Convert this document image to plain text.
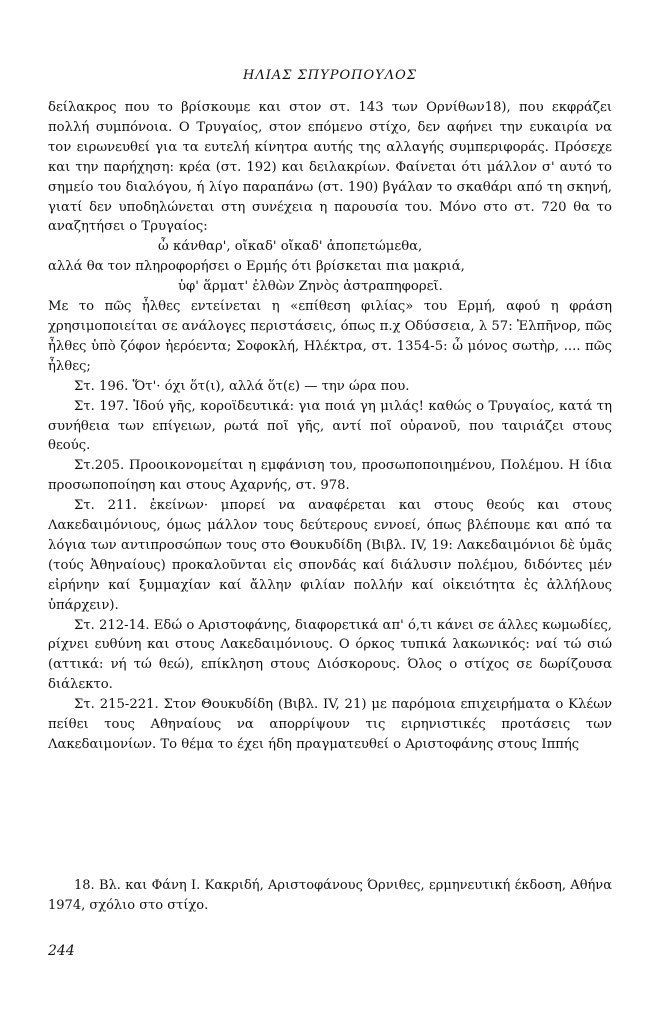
ΗΛΙΑΣ ΣΠΥΡΟΠΟΥΛΟΣ

δείλακρος που το βρίσκουμε και στον στ. 143 των Ορνίθων18), που εκφράζει πολλή συμπόνοια. Ο Τρυγαίος, στον επόμενο στίχο, δεν αφήνει την ευκαιρία να τον ειρωνευθεί για τα ευτελή κίνητρα αυτής της αλλαγής συμπεριφοράς. Πρόσεχε και την παρήχηση: κρέα (στ. 192) και δειλακρίων. Φαίνεται ότι μάλλον σ' αυτό το σημείο του διαλόγου, ή λίγο παραπάνω (στ. 190) βγάλαν το σκαθάρι από τη σκηνή, γιατί δεν υποδηλώνεται στη συνέχεια η παρουσία του. Μόνο στο στ. 720 θα το αναζητήσει ο Τρυγαίος:

ὦ κάνθαρ', οἴκαδ' οἴκαδ' ἀποπετώμεθα,

αλλά θα τον πληροφορήσει ο Ερμής ότι βρίσκεται πια μακριά,

ὑφ' ἅρματ' ἐλθὼν Ζηνὸς ἀστραπηφορεῖ.

Με το πῶς ἦλθες εντείνεται η «επίθεση φιλίας» του Ερμή, αφού η φράση χρησιμοποιείται σε ανάλογες περιστάσεις, όπως π.χ Οδύσσεια, λ 57: Ἐλπῆνορ, πῶς ἦλθες ὑπὸ ζόφον ἠερόεντα; Σοφοκλή, Ηλέκτρα, στ. 1354-5: ὦ μόνος σωτὴρ, .... πῶς ἦλθες;

Στ. 196. Ὅτ'· όχι ὅτ(ι), αλλά ὅτ(ε) — την ώρα που.

Στ. 197. Ἰδού γῆς, κοροϊδευτικά: για ποιά γη μιλάς! καθώς ο Τρυγαίος, κατά τη συνήθεια των επίγειων, ρωτά ποῖ γῆς, αντί ποῖ οὐρανοῦ, που ταιριάζει στους θεούς.

Στ.205. Προοικονομείται η εμφάνιση του, προσωποποιημένου, Πολέμου. Η ίδια προσωποποίηση και στους Αχαρνής, στ. 978.

Στ. 211. ἐκείνων· μπορεί να αναφέρεται και στους θεούς και στους Λακεδαιμόνιους, όμως μάλλον τους δεύτερους εννοεί, όπως βλέπουμε και από τα λόγια των αντιπροσώπων τους στο Θουκυδίδη (Βιβλ. IV, 19: Λακεδαιμόνιοι δὲ ὑμᾶς (τούς Ἀθηναίους) προκαλοῦνται εἰς σπονδάς καί διάλυσιν πολέμου, διδόντες μέν εἰρήνην καί ξυμμαχίαν καί ἄλλην φιλίαν πολλήν καί οἰκειότητα ἐς ἀλλήλους ὑπάρχειν).

Στ. 212-14. Εδώ ο Αριστοφάνης, διαφορετικά απ' ό,τι κάνει σε άλλες κωμωδίες, ρίχνει ευθύνη και στους Λακεδαιμόνιους. Ο όρκος τυπικά λακωνικός: ναί τώ σιώ (αττικά: νή τώ θεώ), επίκληση στους Διόσκορους. Όλος ο στίχος σε δωρίζουσα διάλεκτο.

Στ. 215-221. Στον Θουκυδίδη (Βιβλ. IV, 21) με παρόμοια επιχειρήματα ο Κλέων πείθει τους Αθηναίους να απορρίψουν τις ειρηνιστικές προτάσεις των Λακεδαιμονίων. Το θέμα το έχει ήδη πραγματευθεί ο Αριστοφάνης στους Ιππής

18. Βλ. και Φάνη Ι. Κακριδή, Αριστοφάνους Όρνιθες, ερμηνευτική έκδοση, Αθήνα 1974, σχόλιο στο στίχο.
244
